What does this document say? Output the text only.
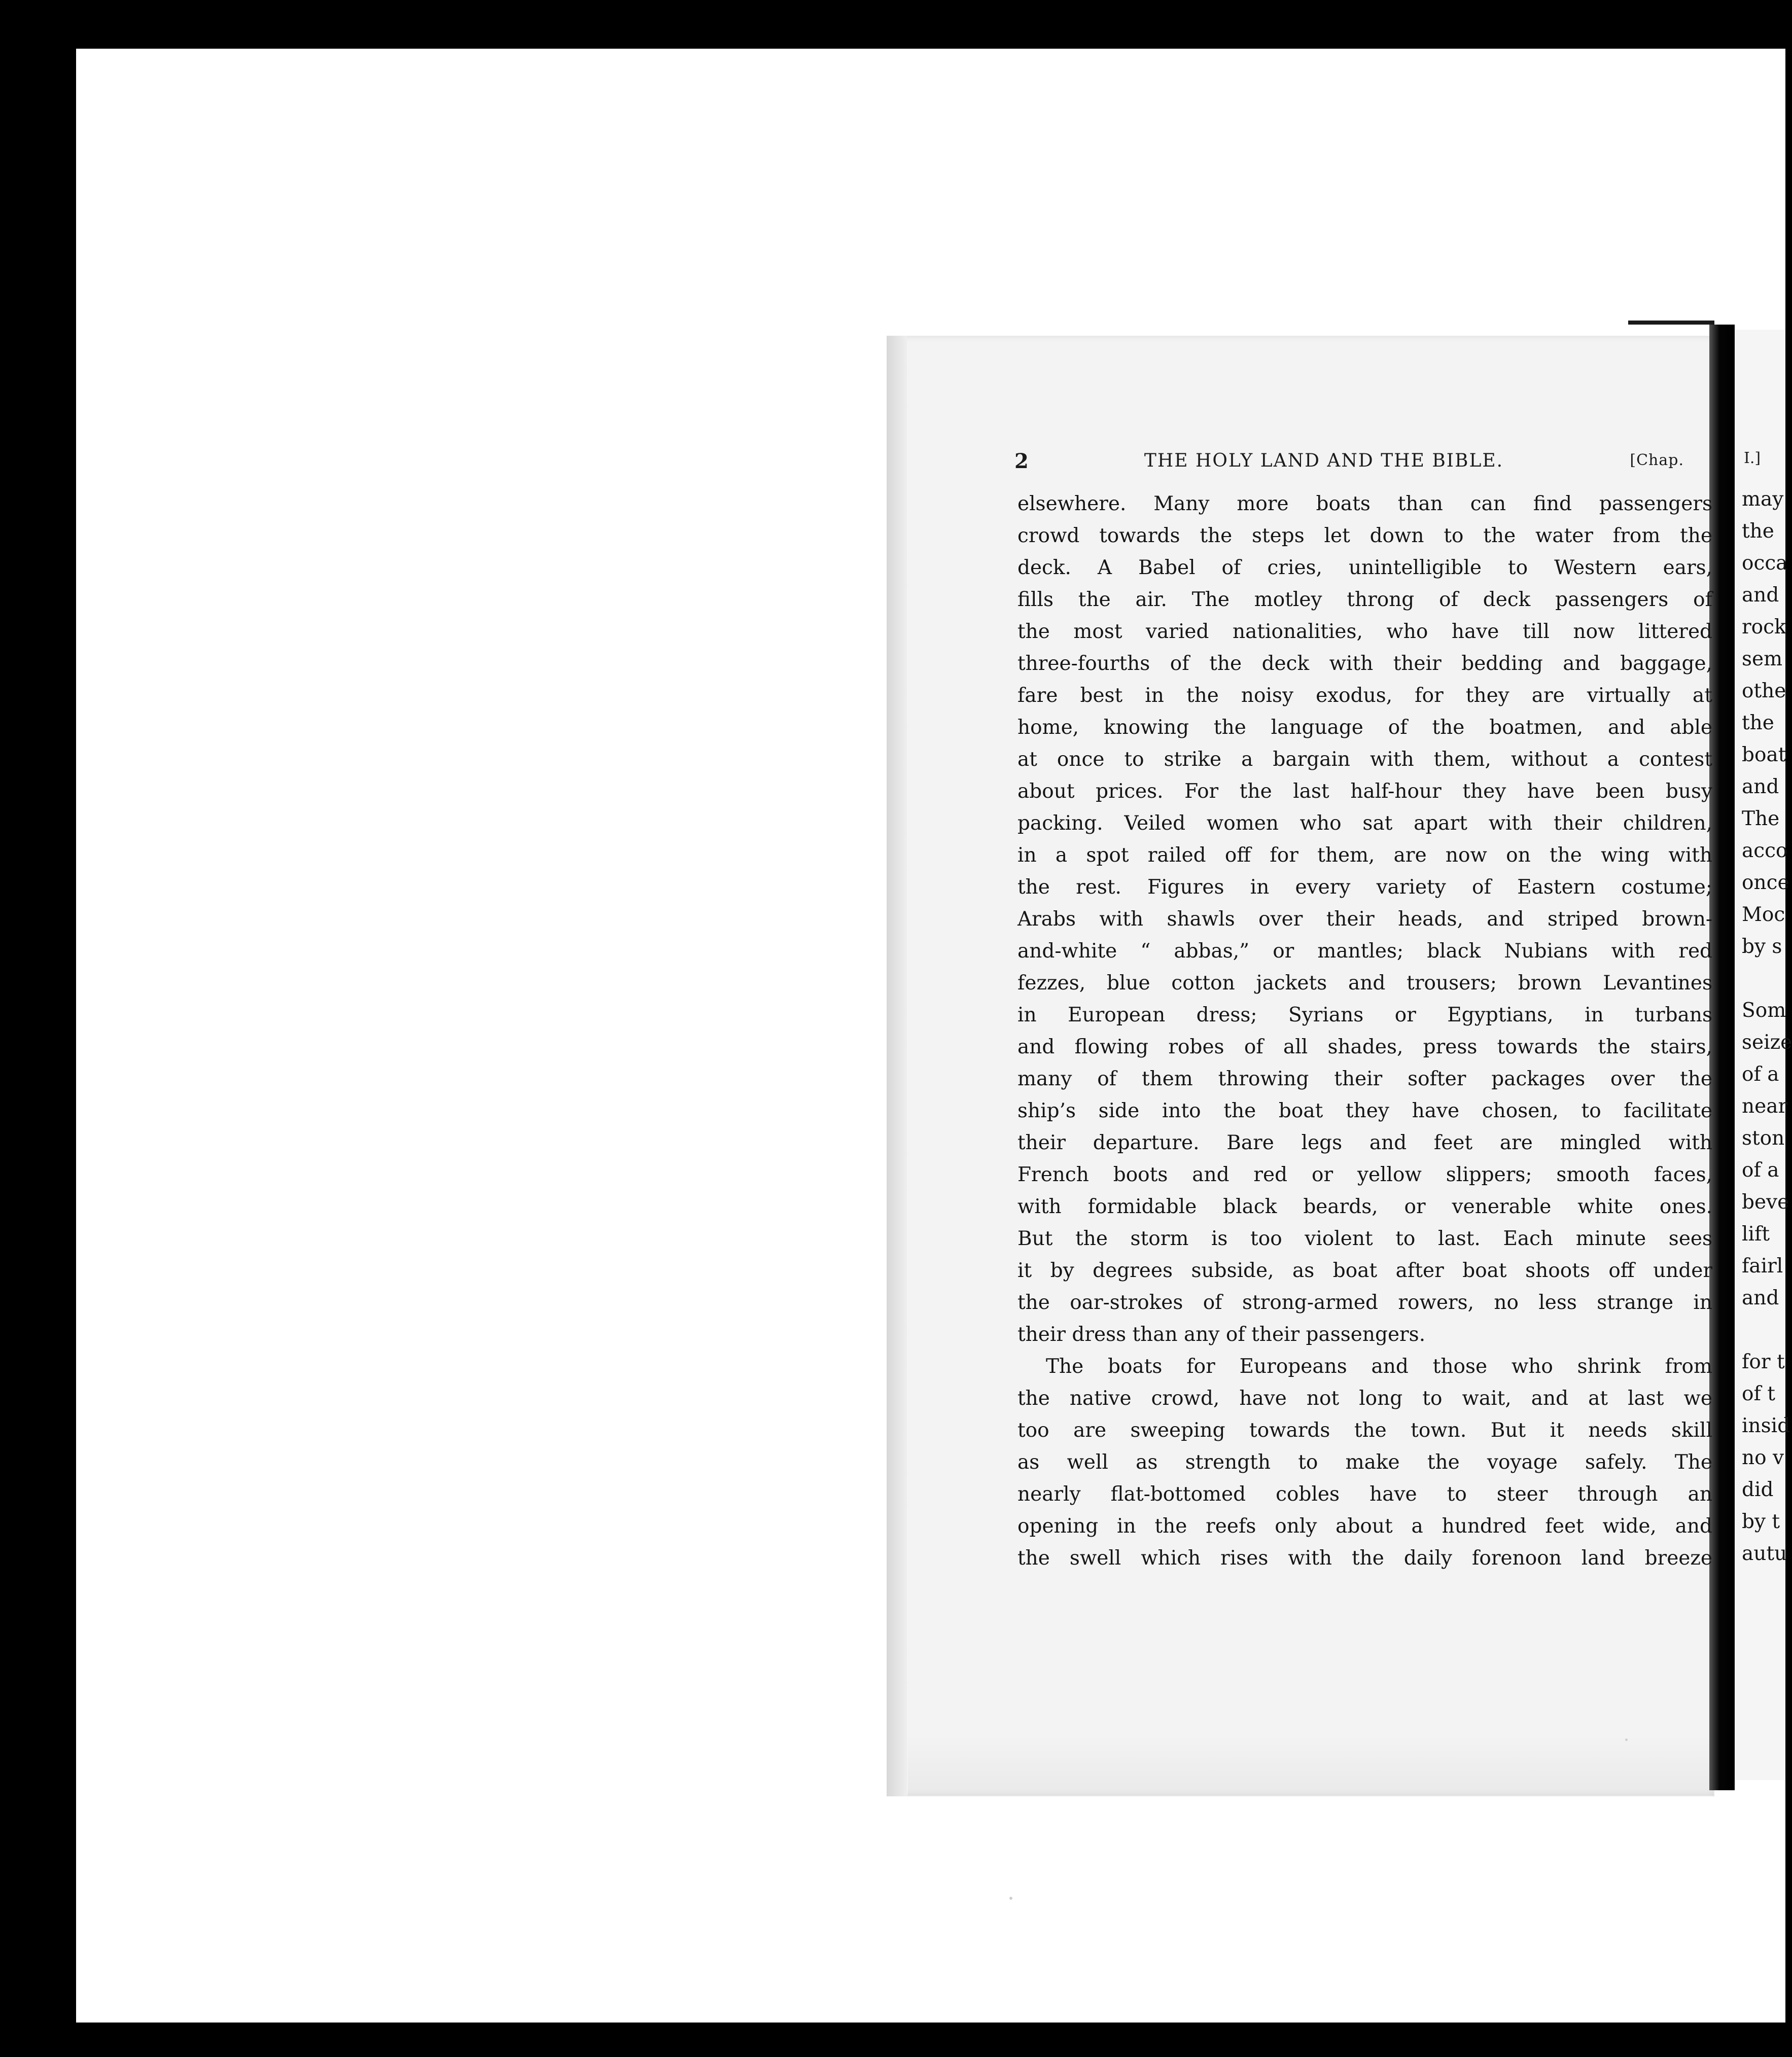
I.]
may
the
occa
and
rock
sem
othe
the
boat
and
The
acco
once
Moc
by s
Som
seize
of a
near
ston
of a
beve
lift
fairl
and
for t
of t
insid
no v
did
by t
autu
2	THE HOLY LAND AND THE BIBLE.	[Chap.
elsewhere. Many more boats than can find passengers
crowd towards the steps let down to the water from the
deck. A Babel of cries, unintelligible to Western ears,
fills the air. The motley throng of deck passengers of
the most varied nationalities, who have till now littered
three-fourths of the deck with their bedding and baggage,
fare best in the noisy exodus, for they are virtually at
home, knowing the language of the boatmen, and able
at once to strike a bargain with them, without a contest
about prices. For the last half-hour they have been busy
packing. Veiled women who sat apart with their children,
in a spot railed off for them, are now on the wing with
the rest. Figures in every variety of Eastern costume;
Arabs with shawls over their heads, and striped brown-
and-white “ abbas,” or mantles; black Nubians with red
fezzes, blue cotton jackets and trousers; brown Levantines
in European dress; Syrians or Egyptians, in turbans
and flowing robes of all shades, press towards the stairs,
many of them throwing their softer packages over the
ship’s side into the boat they have chosen, to facilitate
their departure. Bare legs and feet are mingled with
French boots and red or yellow slippers; smooth faces,
with formidable black beards, or venerable white ones.
But the storm is too violent to last. Each minute sees
it by degrees subside, as boat after boat shoots off under
the oar-strokes of strong-armed rowers, no less strange in
their dress than any of their passengers.
The boats for Europeans and those who shrink from
the native crowd, have not long to wait, and at last we
too are sweeping towards the town. But it needs skill
as well as strength to make the voyage safely. The
nearly flat-bottomed cobles have to steer through an
opening in the reefs only about a hundred feet wide, and
the swell which rises with the daily forenoon land breeze
